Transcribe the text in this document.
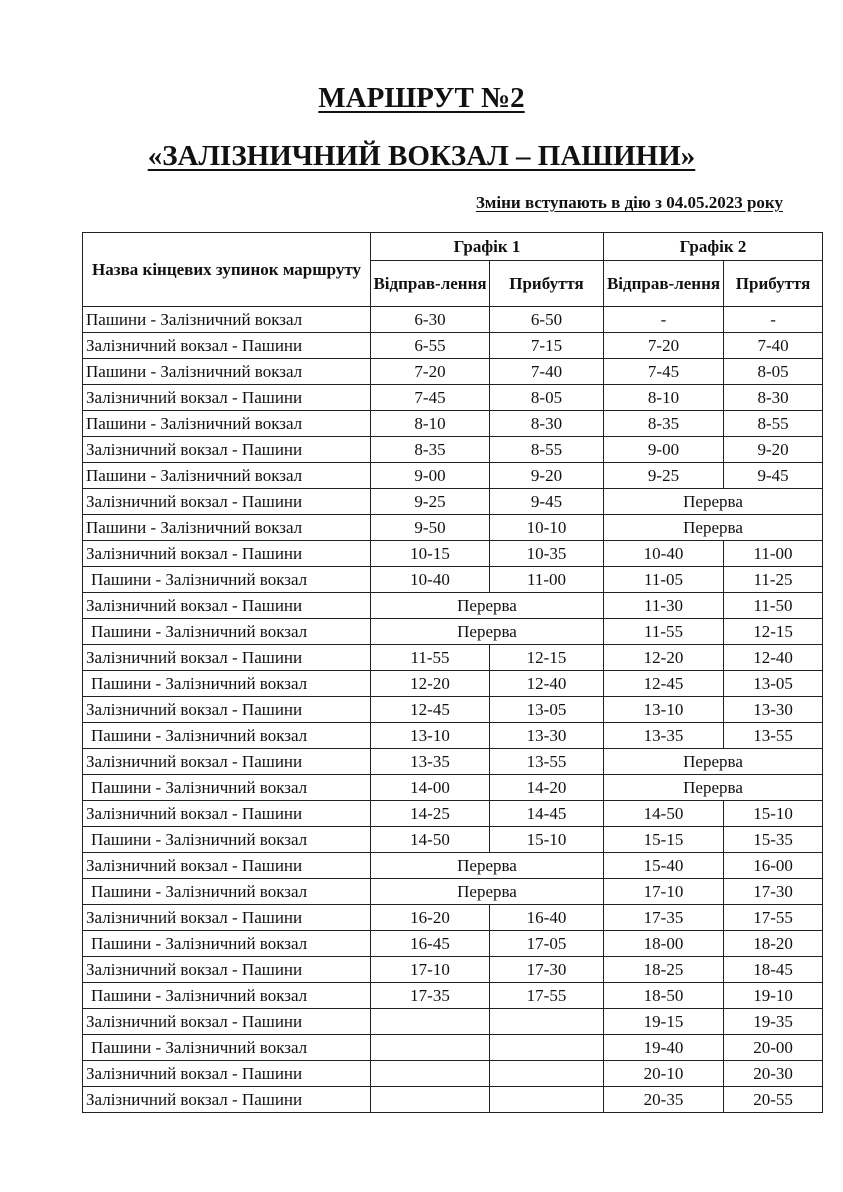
МАРШРУТ №2
«ЗАЛІЗНИЧНИЙ ВОКЗАЛ – ПАШИНИ»
Зміни вступають в дію з 04.05.2023 року
Назва кінцевих зупинок маршруту	Графік 1		Графік 2	
	Відправ-лення	Прибуття	Відправ-лення	Прибуття
Пашини - Залізничний вокзал	6-30	6-50	-	-
Залізничний вокзал - Пашини	6-55	7-15	7-20	7-40
Пашини - Залізничний вокзал	7-20	7-40	7-45	8-05
Залізничний вокзал - Пашини	7-45	8-05	8-10	8-30
Пашини - Залізничний вокзал	8-10	8-30	8-35	8-55
Залізничний вокзал - Пашини	8-35	8-55	9-00	9-20
Пашини - Залізничний вокзал	9-00	9-20	9-25	9-45
Залізничний вокзал - Пашини	9-25	9-45	Перерва	
Пашини - Залізничний вокзал	9-50	10-10	Перерва	
Залізничний вокзал - Пашини	10-15	10-35	10-40	11-00
Пашини - Залізничний вокзал	10-40	11-00	11-05	11-25
Залізничний вокзал - Пашини	Перерва		11-30	11-50
Пашини - Залізничний вокзал	Перерва		11-55	12-15
Залізничний вокзал - Пашини	11-55	12-15	12-20	12-40
Пашини - Залізничний вокзал	12-20	12-40	12-45	13-05
Залізничний вокзал - Пашини	12-45	13-05	13-10	13-30
Пашини - Залізничний вокзал	13-10	13-30	13-35	13-55
Залізничний вокзал - Пашини	13-35	13-55	Перерва	
Пашини - Залізничний вокзал	14-00	14-20	Перерва	
Залізничний вокзал - Пашини	14-25	14-45	14-50	15-10
Пашини - Залізничний вокзал	14-50	15-10	15-15	15-35
Залізничний вокзал - Пашини	Перерва		15-40	16-00
Пашини - Залізничний вокзал	Перерва		17-10	17-30
Залізничний вокзал - Пашини	16-20	16-40	17-35	17-55
Пашини - Залізничний вокзал	16-45	17-05	18-00	18-20
Залізничний вокзал - Пашини	17-10	17-30	18-25	18-45
Пашини - Залізничний вокзал	17-35	17-55	18-50	19-10
Залізничний вокзал - Пашини			19-15	19-35
Пашини - Залізничний вокзал			19-40	20-00
Залізничний вокзал - Пашини			20-10	20-30
Залізничний вокзал - Пашини			20-35	20-55
